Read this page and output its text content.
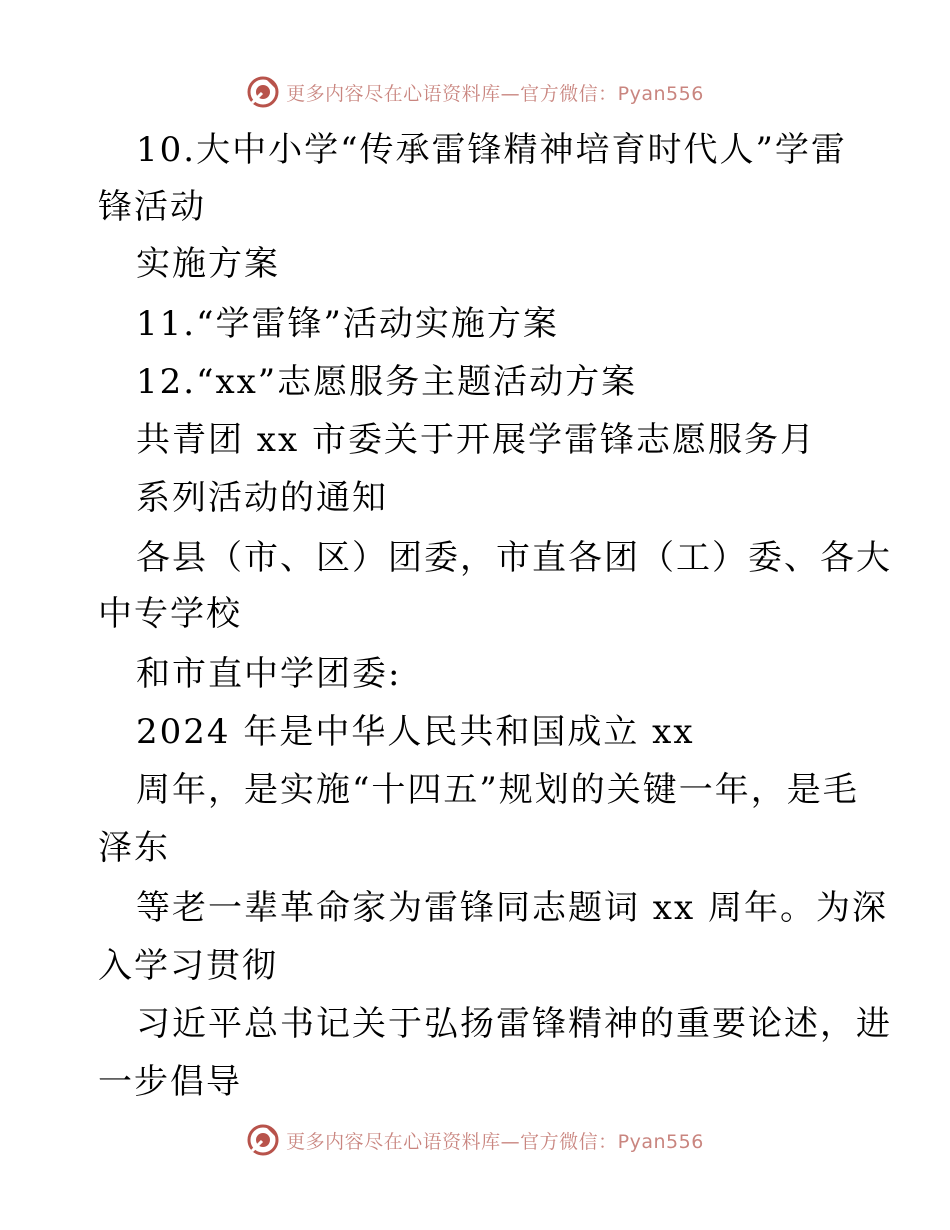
更多内容尽在心语资料库—官方微信：Pyan556
10.大中小学“传承雷锋精神培育时代人”学雷
锋活动
实施方案
11.“学雷锋”活动实施方案
12.“xx”志愿服务主题活动方案
共青团 xx 市委关于开展学雷锋志愿服务月
系列活动的通知
各县（市、区）团委，市直各团（工）委、各大
中专学校
和市直中学团委:
2024 年是中华人民共和国成立 xx
周年，是实施“十四五”规划的关键一年，是毛
泽东
等老一辈革命家为雷锋同志题词 xx 周年。为深
入学习贯彻
习近平总书记关于弘扬雷锋精神的重要论述，进
一步倡导
更多内容尽在心语资料库—官方微信：Pyan556
